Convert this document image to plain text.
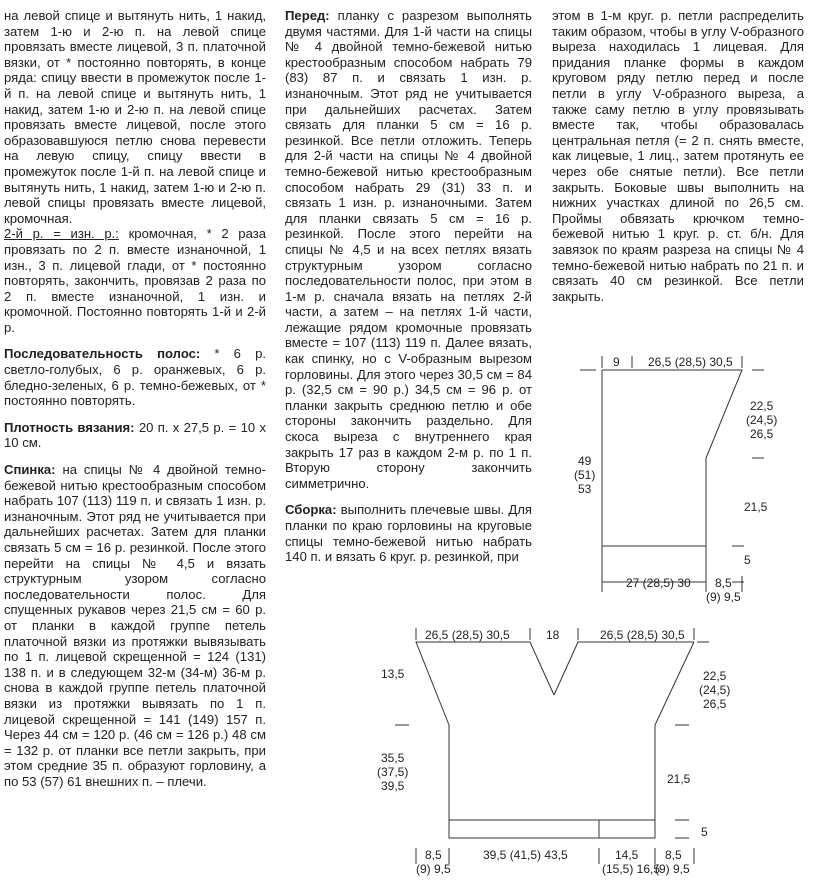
на левой спице и вытянуть нить, 1 накид, затем 1-ю и 2-ю п. на левой спице провязать вместе лицевой, 3 п. платочной вязки, от * постоянно повторять, в конце ряда: спицу ввести в промежуток после 1-й п. на левой спице и вытянуть нить, 1 накид, затем 1-ю и 2-ю п. на левой спице провязать вместе лицевой, после этого образовавшуюся петлю снова перевести на левую спицу, спицу ввести в промежуток после 1-й п. на левой спице и вытянуть нить, 1 накид, затем 1-ю и 2-ю п. левой спицы провязать вместе лицевой, кромочная.
2-й р. = изн. р.: кромочная, * 2 раза провязать по 2 п. вместе изнаночной, 1 изн., 3 п. лицевой глади, от * постоянно повторять, закончить, провязав 2 раза по 2 п. вместе изнаночной, 1 изн. и кромочной. Постоянно повторять 1-й и 2-й р.

Последовательность полос: * 6 р. светло-голубых, 6 р. оранжевых, 6 р. бледно-зеленых, 6 р. темно-бежевых, от * постоянно повторять.

Плотность вязания: 20 п. х 27,5 р. = 10 х 10 см.

Спинка: на спицы № 4 двойной темно-бежевой нитью крестообразным способом набрать 107 (113) 119 п. и связать 1 изн. р. изнаночным. Этот ряд не учитывается при дальнейших расчетах. Затем для планки связать 5 см = 16 р. резинкой. После этого перейти на спицы № 4,5 и вязать структурным узором согласно последовательности полос. Для спущенных рукавов через 21,5 см = 60 р. от планки в каждой группе петель платочной вязки из протяжки вывязывать по 1 п. лицевой скрещенной = 124 (131) 138 п. и в следующем 32-м (34-м) 36-м р. снова в каждой группе петель платочной вязки из протяжки вывязать по 1 п. лицевой скрещенной = 141 (149) 157 п. Через 44 см = 120 р. (46 см = 126 р.) 48 см = 132 р. от планки все петли закрыть, при этом средние 35 п. образуют горловину, а по 53 (57) 61 внешних п. – плечи.

Перед: планку с разрезом выполнять двумя частями. Для 1-й части на спицы № 4 двойной темно-бежевой нитью крестообразным способом набрать 79 (83) 87 п. и связать 1 изн. р. изнаночным. Этот ряд не учитывается при дальнейших расчетах. Затем связать для планки 5 см = 16 р. резинкой. Все петли отложить. Теперь для 2-й части на спицы № 4 двойной темно-бежевой нитью крестообразным способом набрать 29 (31) 33 п. и связать 1 изн. р. изнаночными. Затем для планки связать 5 см = 16 р. резинкой. После этого перейти на спицы № 4,5 и на всех петлях вязать структурным узором согласно последовательности полос, при этом в 1-м р. сначала вязать на петлях 2-й части, а затем – на петлях 1-й части, лежащие рядом кромочные провязать вместе = 107 (113) 119 п. Далее вязать, как спинку, но с V-образным вырезом горловины. Для этого через 30,5 см = 84 р. (32,5 см = 90 р.) 34,5 см = 96 р. от планки закрыть среднюю петлю и обе стороны закончить раздельно. Для скоса выреза с внутреннего края закрыть 17 раз в каждом 2-м р. по 1 п. Вторую сторону закончить симметрично.

Сборка: выполнить плечевые швы. Для планки по краю горловины на круговые спицы темно-бежевой нитью набрать 140 п. и вязать 6 круг. р. резинкой, при

этом в 1-м круг. р. петли распределить таким образом, чтобы в углу V-образного выреза находилась 1 лицевая. Для придания планке формы в каждом круговом ряду петлю перед и после петли в углу V-образного выреза, а также саму петлю в углу провязывать вместе так, чтобы образовалась центральная петля (= 2 п. снять вместе, как лицевые, 1 лиц., затем протянуть ее через обе снятые петли). Все петли закрыть. Боковые швы выполнить на нижних участках длиной по 26,5 см. Проймы обвязать крючком темно-бежевой нитью 1 круг. р. ст. б/н. Для завязок по краям разреза на спицы № 4 темно-бежевой нитью набрать по 21 п. и связать 40 см резинкой. Все петли закрыть.

9 26,5 (28,5) 30,5
22,5
(24,5)
26,5
21,5
5
49
(51)
53
27 (28,5) 30 8,5
(9) 9,5
26,5 (28,5) 30,5	18	26,5 (28,5) 30,5
13,5
35,5
(37,5)
39,5	21,5
8,5
(9) 9,5
39,5 (41,5) 43,5	14,5
(15,5) 16,5
8,5
(9) 9,5
22,5
(24,5)
26,5
5
